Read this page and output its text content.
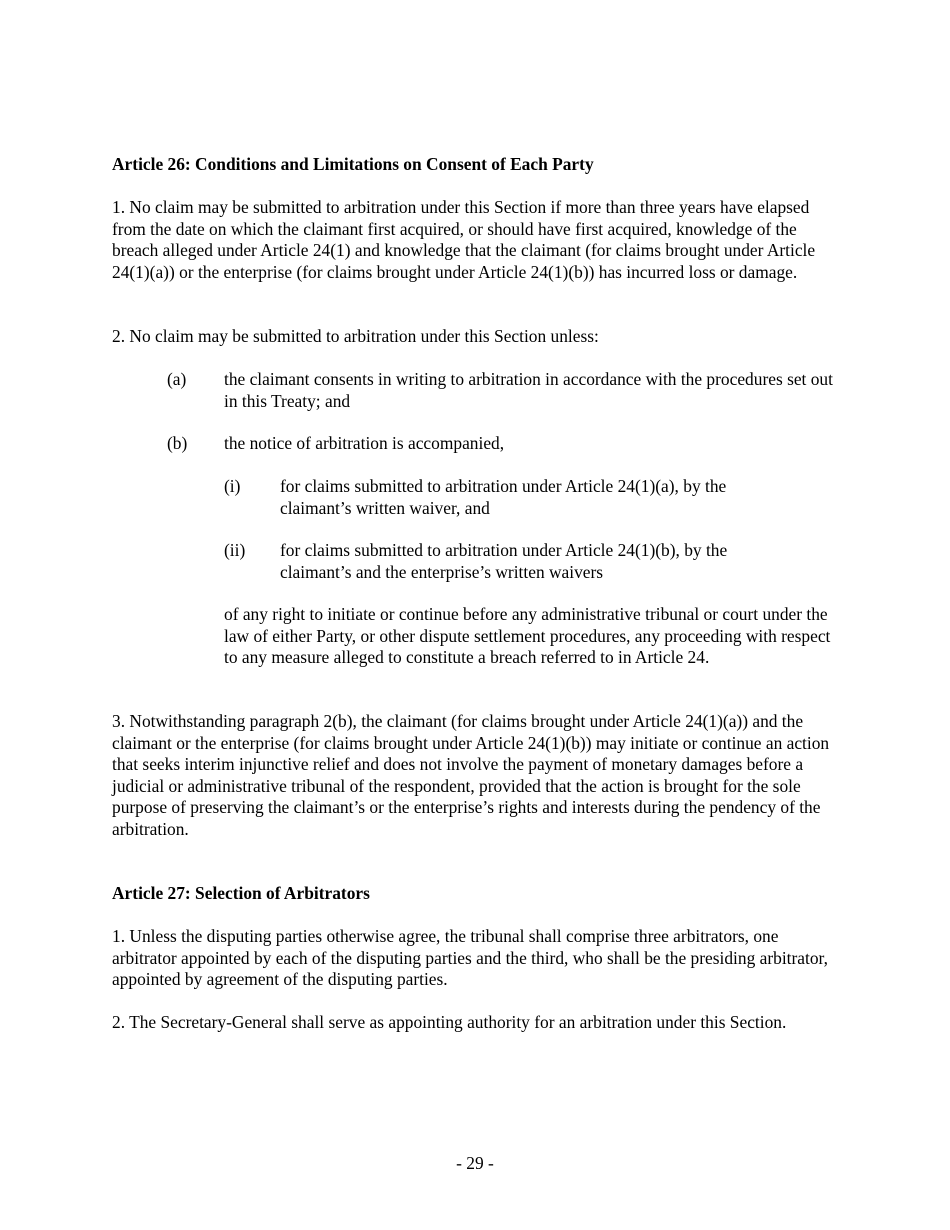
Article 26: Conditions and Limitations on Consent of Each Party

1. No claim may be submitted to arbitration under this Section if more than three years have elapsed from the date on which the claimant first acquired, or should have first acquired, knowledge of the breach alleged under Article 24(1) and knowledge that the claimant (for claims brought under Article 24(1)(a)) or the enterprise (for claims brought under Article 24(1)(b)) has incurred loss or damage.

2. No claim may be submitted to arbitration under this Section unless:

(a) the claimant consents in writing to arbitration in accordance with the procedures set out in this Treaty; and

(b) the notice of arbitration is accompanied,

(i) for claims submitted to arbitration under Article 24(1)(a), by the claimant’s written waiver, and

(ii) for claims submitted to arbitration under Article 24(1)(b), by the claimant’s and the enterprise’s written waivers

of any right to initiate or continue before any administrative tribunal or court under the law of either Party, or other dispute settlement procedures, any proceeding with respect to any measure alleged to constitute a breach referred to in Article 24.

3. Notwithstanding paragraph 2(b), the claimant (for claims brought under Article 24(1)(a)) and the claimant or the enterprise (for claims brought under Article 24(1)(b)) may initiate or continue an action that seeks interim injunctive relief and does not involve the payment of monetary damages before a judicial or administrative tribunal of the respondent, provided that the action is brought for the sole purpose of preserving the claimant’s or the enterprise’s rights and interests during the pendency of the arbitration.

Article 27: Selection of Arbitrators

1. Unless the disputing parties otherwise agree, the tribunal shall comprise three arbitrators, one arbitrator appointed by each of the disputing parties and the third, who shall be the presiding arbitrator, appointed by agreement of the disputing parties.

2. The Secretary-General shall serve as appointing authority for an arbitration under this Section.

- 29 -
